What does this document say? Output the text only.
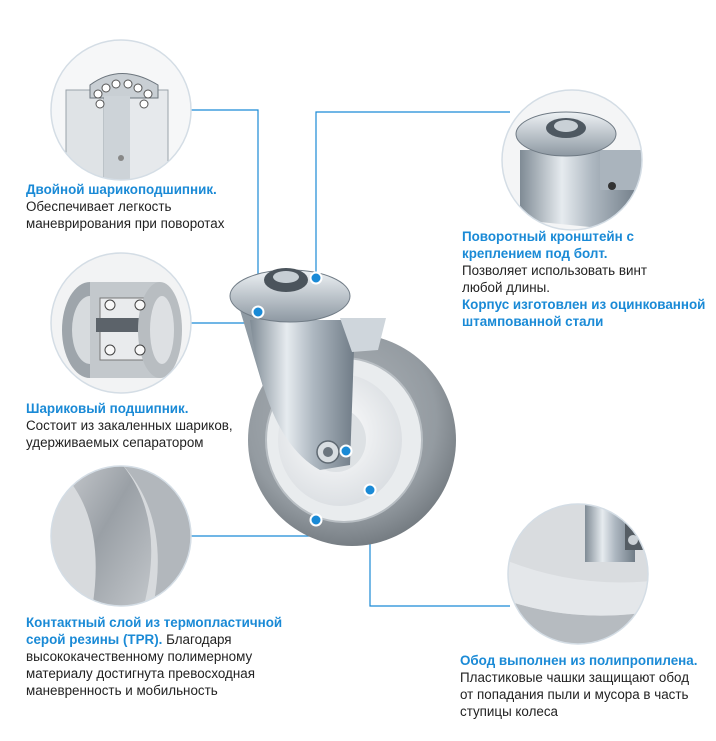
Двойной шарикоподшипник.
Обеспечивает легкость
маневрирования при поворотах
Шариковый подшипник.
Состоит из закаленных шариков,
удерживаемых сепаратором
Контактный слой из термопластичной
серой резины (TPR). Благодаря
высококачественному полимерному
материалу достигнута превосходная
маневренность и мобильность
Поворотный кронштейн с
креплением под болт.
Позволяет использовать винт
любой длины.
Корпус изготовлен из оцинкованной
штампованной стали
Обод выполнен из полипропилена.
Пластиковые чашки защищают обод
от попадания пыли и мусора в часть
ступицы колеса
